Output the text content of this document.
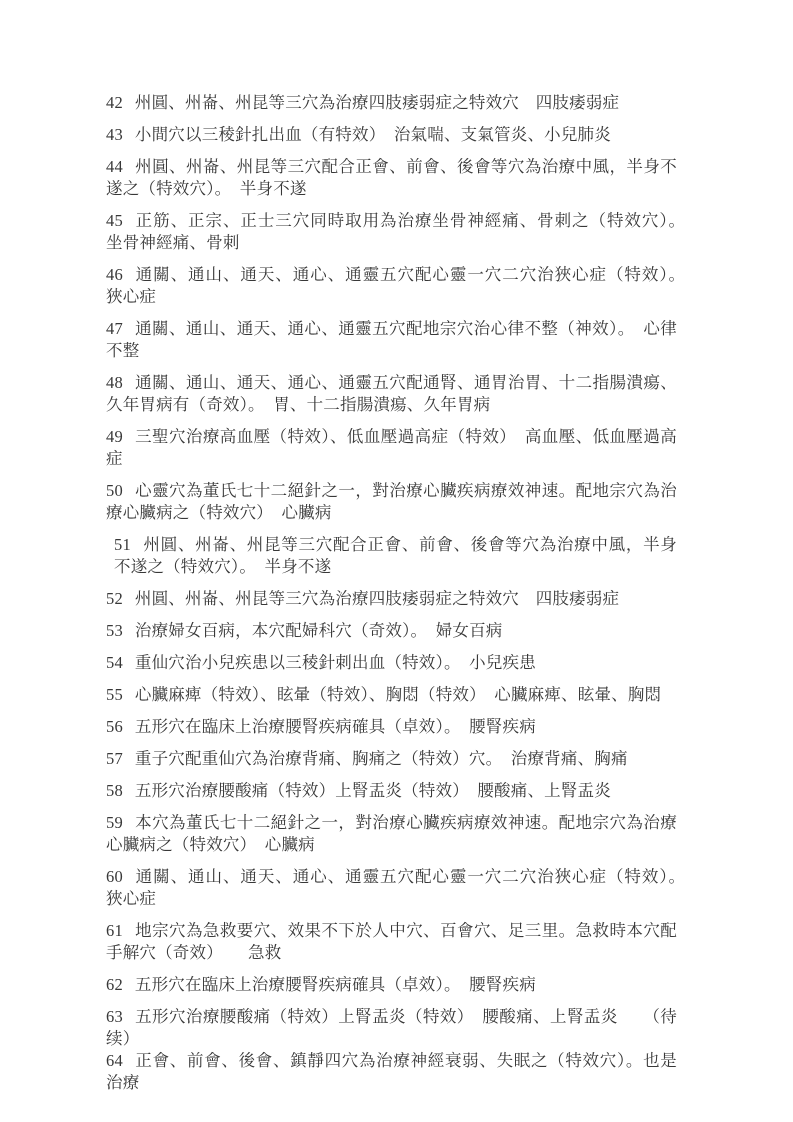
42 州圓、州崙、州昆等三穴為治療四肢痿弱症之特效穴　四肢痿弱症

43 小間穴以三稜針扎出血（有特效）　治氣喘、支氣管炎、小兒肺炎

44 州圓、州崙、州昆等三穴配合正會、前會、後會等穴為治療中風，半身不遂之（特效穴）。　半身不遂

45 正筋、正宗、正士三穴同時取用為治療坐骨神經痛、骨刺之（特效穴）。　坐骨神經痛、骨刺

46 通關、通山、通天、通心、通靈五穴配心靈一穴二穴治狹心症（特效）。　狹心症

47 通關、通山、通天、通心、通靈五穴配地宗穴治心律不整（神效）。　心律不整

48 通關、通山、通天、通心、通靈五穴配通腎、通胃治胃、十二指腸潰瘍、久年胃病有（奇效）。　胃、十二指腸潰瘍、久年胃病

49 三聖穴治療高血壓（特效）、低血壓過高症（特效）　高血壓、低血壓過高症

50 心靈穴為董氏七十二絕針之一，對治療心臟疾病療效神速。配地宗穴為治療心臟病之（特效穴）　心臟病

51 州圓、州崙、州昆等三穴配合正會、前會、後會等穴為治療中風，半身不遂之（特效穴）。　半身不遂

52 州圓、州崙、州昆等三穴為治療四肢痿弱症之特效穴　四肢痿弱症

53 治療婦女百病，本穴配婦科穴（奇效）。　婦女百病

54 重仙穴治小兒疾患以三稜針刺出血（特效）。　小兒疾患

55 心臟麻痺（特效）、眩暈（特效）、胸悶（特效）　心臟麻痺、眩暈、胸悶

56 五形穴在臨床上治療腰腎疾病確具（卓效）。　腰腎疾病

57 重子穴配重仙穴為治療背痛、胸痛之（特效）穴。　治療背痛、胸痛

58 五形穴治療腰酸痛（特效）上腎盂炎（特效）　腰酸痛、上腎盂炎

59 本穴為董氏七十二絕針之一，對治療心臟疾病療效神速。配地宗穴為治療心臟病之（特效穴）　心臟病

60 通關、通山、通天、通心、通靈五穴配心靈一穴二穴治狹心症（特效）。　狹心症

61 地宗穴為急救要穴、效果不下於人中穴、百會穴、足三里。急救時本穴配手解穴（奇效）　　急救

62 五形穴在臨床上治療腰腎疾病確具（卓效）。　腰腎疾病

63 五形穴治療腰酸痛（特效）上腎盂炎（特效）　腰酸痛、上腎盂炎　　（待续）

64 正會、前會、後會、鎮靜四穴為治療神經衰弱、失眠之（特效穴）。也是治療
